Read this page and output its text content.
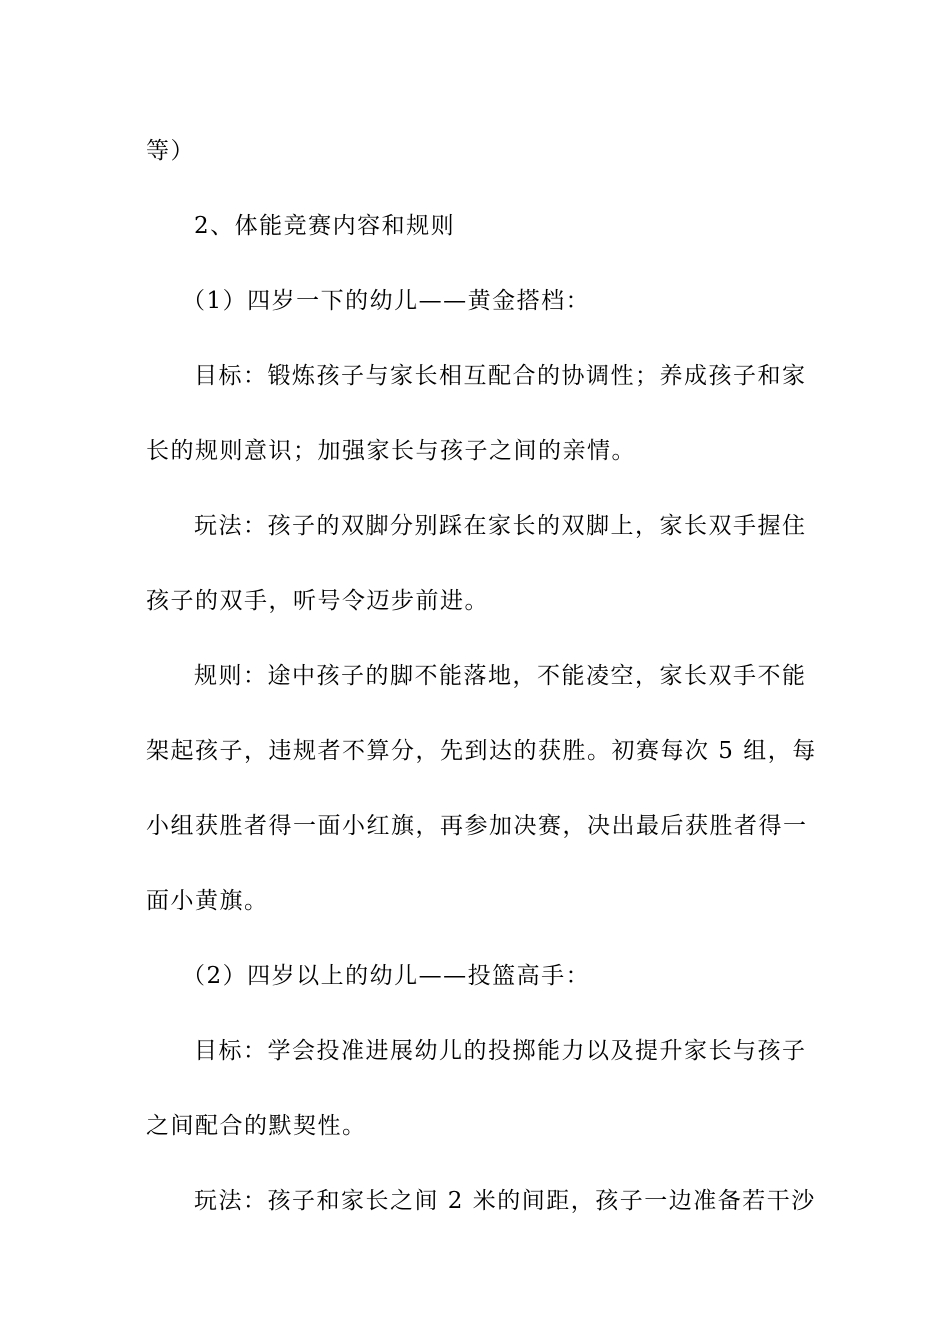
等）
2、体能竞赛内容和规则
（1）四岁一下的幼儿——黄金搭档：
目标：锻炼孩子与家长相互配合的协调性；养成孩子和家
长的规则意识；加强家长与孩子之间的亲情。
玩法：孩子的双脚分别踩在家长的双脚上，家长双手握住
孩子的双手，听号令迈步前进。
规则：途中孩子的脚不能落地，不能凌空，家长双手不能
架起孩子，违规者不算分，先到达的获胜。初赛每次 5 组，每
小组获胜者得一面小红旗，再参加决赛，决出最后获胜者得一
面小黄旗。
（2）四岁以上的幼儿——投篮高手：
目标：学会投准进展幼儿的投掷能力以及提升家长与孩子
之间配合的默契性。
玩法：孩子和家长之间 2 米的间距，孩子一边准备若干沙
